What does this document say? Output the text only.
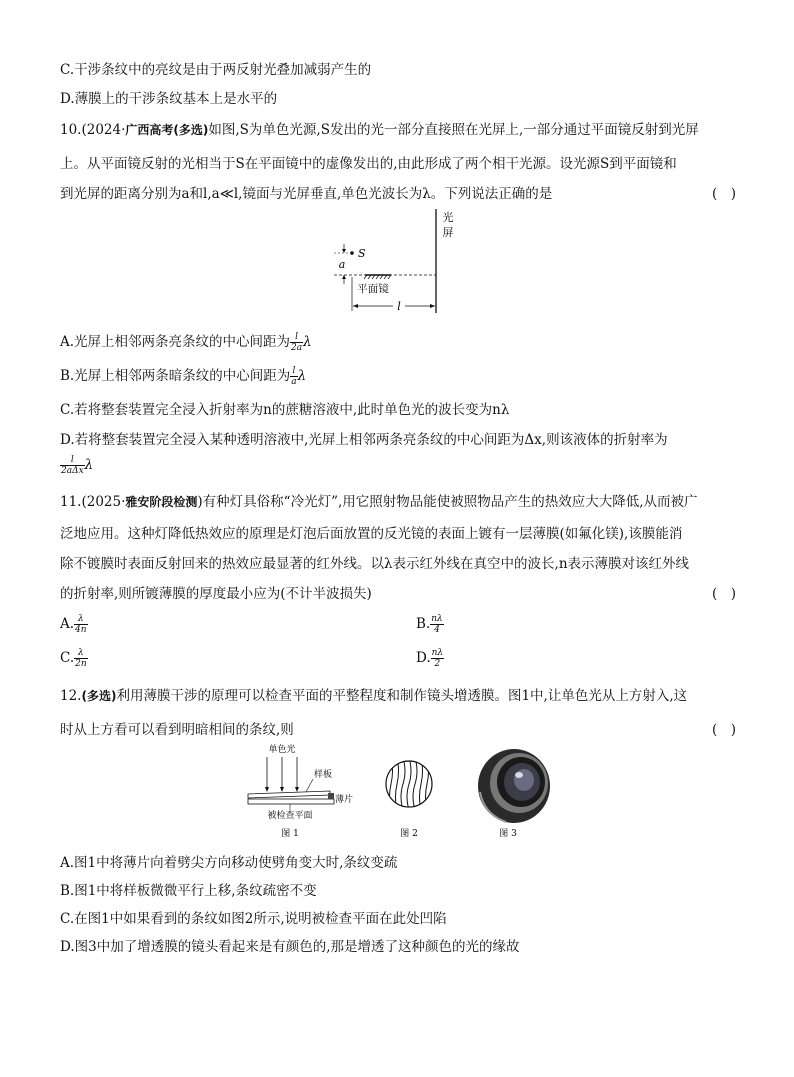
C.干涉条纹中的亮纹是由于两反射光叠加减弱产生的
D.薄膜上的干涉条纹基本上是水平的
10.(2024·广西高考(多选)如图,S为单色光源,S发出的光一部分直接照在光屏上,一部分通过平面镜反射到光屏
上。从平面镜反射的光相当于S在平面镜中的虚像发出的,由此形成了两个相干光源。设光源S到平面镜和
到光屏的距离分别为a和l,a≪l,镜面与光屏垂直,单色光波长为λ。下列说法正确的是	(　)
光
屏
S
a
平面镜
l
A.光屏上相邻两条亮条纹的中心间距为 $\frac{l}{2a}$ λ
B.光屏上相邻两条暗条纹的中心间距为 $\frac{l}{a}$ λ
C.若将整套装置完全浸入折射率为n的蔗糖溶液中,此时单色光的波长变为nλ
D.若将整套装置完全浸入某种透明溶液中,光屏上相邻两条亮条纹的中心间距为Δx,则该液体的折射率为
$\frac{l}{\text{2aΔx}}$ λ
11.(2025·雅安阶段检测)有种灯具俗称“冷光灯”,用它照射物品能使被照物品产生的热效应大大降低,从而被广
泛地应用。这种灯降低热效应的原理是灯泡后面放置的反光镜的表面上镀有一层薄膜(如氟化镁),该膜能消
除不镀膜时表面反射回来的热效应最显著的红外线。以λ表示红外线在真空中的波长,n表示薄膜对该红外线
的折射率,则所镀薄膜的厚度最小应为(不计半波损失)	(　)
A. $\frac{\lambda}{4n}$	B. $\frac{n\lambda}{4}$
C. $\frac{\lambda}{2n}$	D. $\frac{n\lambda}{2}$
12.(多选)利用薄膜干涉的原理可以检查平面的平整程度和制作镜头增透膜。图1中,让单色光从上方射入,这
时从上方看可以看到明暗相间的条纹,则	(　)
单色光
样板
薄片
被检查平面
图 1	图 2	图 3
A.图1中将薄片向着劈尖方向移动使劈角变大时,条纹变疏
B.图1中将样板微微平行上移,条纹疏密不变
C.在图1中如果看到的条纹如图2所示,说明被检查平面在此处凹陷
D.图3中加了增透膜的镜头看起来是有颜色的,那是增透了这种颜色的光的缘故
